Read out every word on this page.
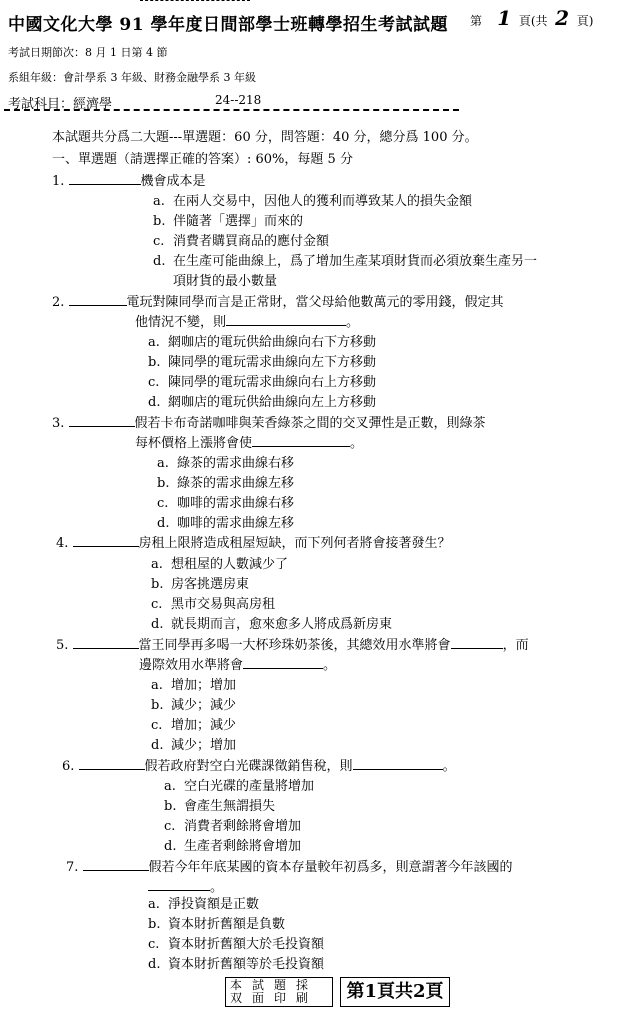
中國文化大學 91 學年度日間部學士班轉學招生考試試題 第 1 頁(共 2 頁)
考試日期節次：8 月 1 日第 4 節
系組年級：會計學系 3 年級、財務金融學系 3 年級
考試科目：經濟學	24--218
本試題共分爲二大題---單選題：60 分，問答題：40 分，總分爲 100 分。
一、單選題（請選擇正確的答案）: 60%，每題 5 分
1.	機會成本是
a. 在兩人交易中，因他人的獲利而導致某人的損失金額
b. 伴隨著「選擇」而來的
c. 消費者購買商品的應付金額
d. 在生產可能曲線上，爲了增加生產某項財貨而必須放棄生產另一
項財貨的最小數量
2.	電玩對陳同學而言是正常財，當父母給他數萬元的零用錢，假定其
他情況不變，則	。
a. 網咖店的電玩供給曲線向右下方移動
b. 陳同學的電玩需求曲線向左下方移動
c. 陳同學的電玩需求曲線向右上方移動
d. 網咖店的電玩供給曲線向左上方移動
3.	假若卡布奇諾咖啡與茉香綠茶之間的交叉彈性是正數，則綠茶
每杯價格上漲將會使	。
a. 綠茶的需求曲線右移
b. 綠茶的需求曲線左移
c. 咖啡的需求曲線右移
d. 咖啡的需求曲線左移
4.	房租上限將造成租屋短缺，而下列何者將會接著發生？
a. 想租屋的人數減少了
b. 房客挑選房東
c. 黑市交易與高房租
d. 就長期而言，愈來愈多人將成爲新房東
5.	當王同學再多喝一大杯珍珠奶茶後，其總效用水準將會	，而
邊際效用水準將會	。
a. 增加；增加
b. 減少；減少
c. 增加；減少
d. 減少；增加
6.	假若政府對空白光碟課徵銷售稅，則	。
a. 空白光碟的產量將增加
b. 會產生無謂損失
c. 消費者剩餘將會增加
d. 生產者剩餘將會增加
7.	假若今年年底某國的資本存量較年初爲多，則意謂著今年該國的
。
a. 淨投資額是正數
b. 資本財折舊額是負數
c. 資本財折舊額大於毛投資額
d. 資本財折舊額等於毛投資額
本試題採
双面印刷	第1頁共2頁
